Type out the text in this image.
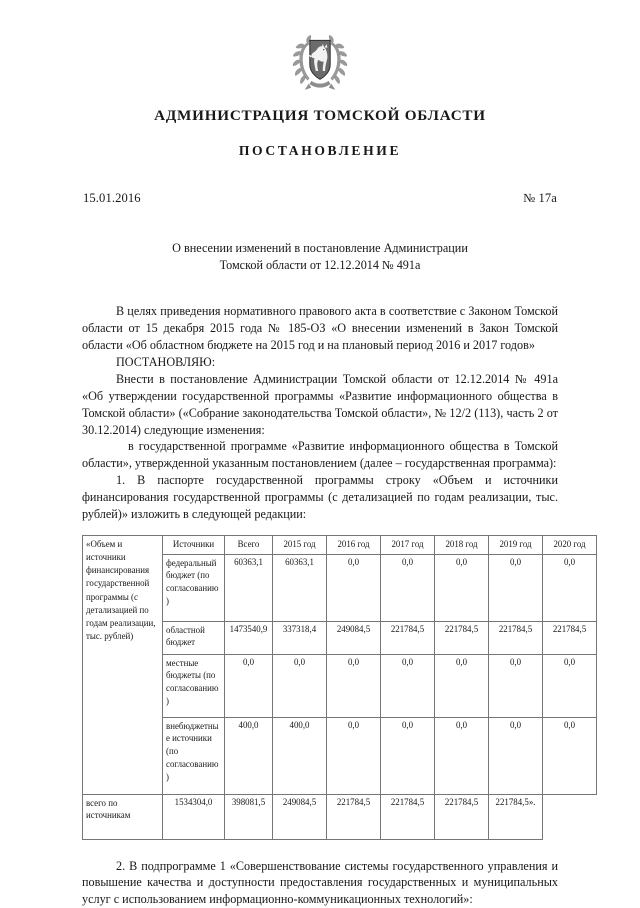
АДМИНИСТРАЦИЯ ТОМСКОЙ ОБЛАСТИ
ПОСТАНОВЛЕНИЕ
15.01.2016	№ 17а
О внесении изменений в постановление Администрации
Томской области от 12.12.2014 № 491а

В целях приведения нормативного правового акта в соответствие с Законом Томской области от 15 декабря 2015 года № 185-ОЗ «О внесении изменений в Закон Томской области «Об областном бюджете на 2015 год и на плановый период 2016 и 2017 годов»

ПОСТАНОВЛЯЮ:

Внести в постановление Администрации Томской области от 12.12.2014 № 491а «Об утверждении государственной программы «Развитие информационного общества в Томской области» («Собрание законодательства Томской области», № 12/2 (113), часть 2 от 30.12.2014) следующие изменения:

в государственной программе «Развитие информационного общества в Томской области», утвержденной указанным постановлением (далее – государственная программа):

1. В паспорте государственной программы строку «Объем и источники финансирования государственной программы (с детализацией по годам реализации, тыс. рублей)» изложить в следующей редакции:

«Объем и источники финансирования государственной программы (с детализацией по годам реализации, тыс. рублей)	Источники	Всего	2015 год	2016 год	2017 год	2018 год	2019 год	2020 год
	федеральный бюджет (по согласованию)	60363,1	60363,1	0,0	0,0	0,0	0,0	0,0
	областной бюджет	1473540,9	337318,4	249084,5	221784,5	221784,5	221784,5	221784,5
	местные бюджеты (по согласованию)	0,0	0,0	0,0	0,0	0,0	0,0	0,0
	внебюджетные источники (по согласованию)	400,0	400,0	0,0	0,0	0,0	0,0	0,0
всего по источникам	1534304,0	398081,5	249084,5	221784,5	221784,5	221784,5	221784,5».	

2. В подпрограмме 1 «Совершенствование системы государственного управления и повышение качества и доступности предоставления государственных и муниципальных услуг с использованием информационно-коммуникационных технологий»:
